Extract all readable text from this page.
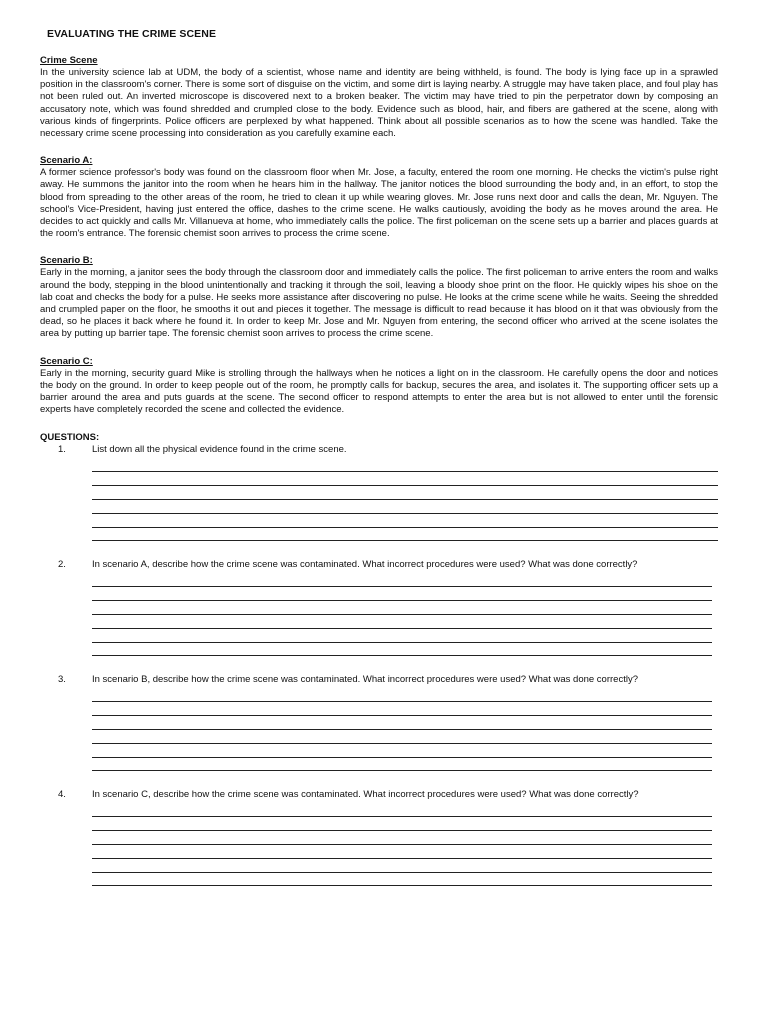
EVALUATING THE CRIME SCENE

Crime Scene

In the university science lab at UDM, the body of a scientist, whose name and identity are being withheld, is found. The body is lying face up in a sprawled position in the classroom's corner. There is some sort of disguise on the victim, and some dirt is laying nearby. A struggle may have taken place, and foul play has not been ruled out. An inverted microscope is discovered next to a broken beaker. The victim may have tried to pin the perpetrator down by composing an accusatory note, which was found shredded and crumpled close to the body. Evidence such as blood, hair, and fibers are gathered at the scene, along with various kinds of fingerprints. Police officers are perplexed by what happened. Think about all possible scenarios as to how the scene was handled. Take the necessary crime scene processing into consideration as you carefully examine each.

Scenario A:

A former science professor's body was found on the classroom floor when Mr. Jose, a faculty, entered the room one morning. He checks the victim's pulse right away. He summons the janitor into the room when he hears him in the hallway. The janitor notices the blood surrounding the body and, in an effort, to stop the blood from spreading to the other areas of the room, he tried to clean it up while wearing gloves. Mr. Jose runs next door and calls the dean, Mr. Nguyen. The school's Vice-President, having just entered the office, dashes to the crime scene. He walks cautiously, avoiding the body as he moves around the area. He decides to act quickly and calls Mr. Villanueva at home, who immediately calls the police. The first policeman on the scene sets up a barrier and places guards at the room's entrance. The forensic chemist soon arrives to process the crime scene.

Scenario B:

Early in the morning, a janitor sees the body through the classroom door and immediately calls the police. The first policeman to arrive enters the room and walks around the body, stepping in the blood unintentionally and tracking it through the soil, leaving a bloody shoe print on the floor. He quickly wipes his shoe on the lab coat and checks the body for a pulse. He seeks more assistance after discovering no pulse. He looks at the crime scene while he waits. Seeing the shredded and crumpled paper on the floor, he smooths it out and pieces it together. The message is difficult to read because it has blood on it that was obviously from the dead, so he places it back where he found it. In order to keep Mr. Jose and Mr. Nguyen from entering, the second officer who arrived at the scene isolates the area by putting up barrier tape. The forensic chemist soon arrives to process the crime scene.

Scenario C:

Early in the morning, security guard Mike is strolling through the hallways when he notices a light on in the classroom. He carefully opens the door and notices the body on the ground. In order to keep people out of the room, he promptly calls for backup, secures the area, and isolates it. The supporting officer sets up a barrier around the area and puts guards at the scene. The second officer to respond attempts to enter the area but is not allowed to enter until the forensic experts have completely recorded the scene and collected the evidence.

QUESTIONS:

1.	List down all the physical evidence found in the crime scene.
2.	In scenario A, describe how the crime scene was contaminated. What incorrect procedures were used? What was done correctly?
3.	In scenario B, describe how the crime scene was contaminated. What incorrect procedures were used? What was done correctly?
4.	In scenario C, describe how the crime scene was contaminated. What incorrect procedures were used? What was done correctly?
